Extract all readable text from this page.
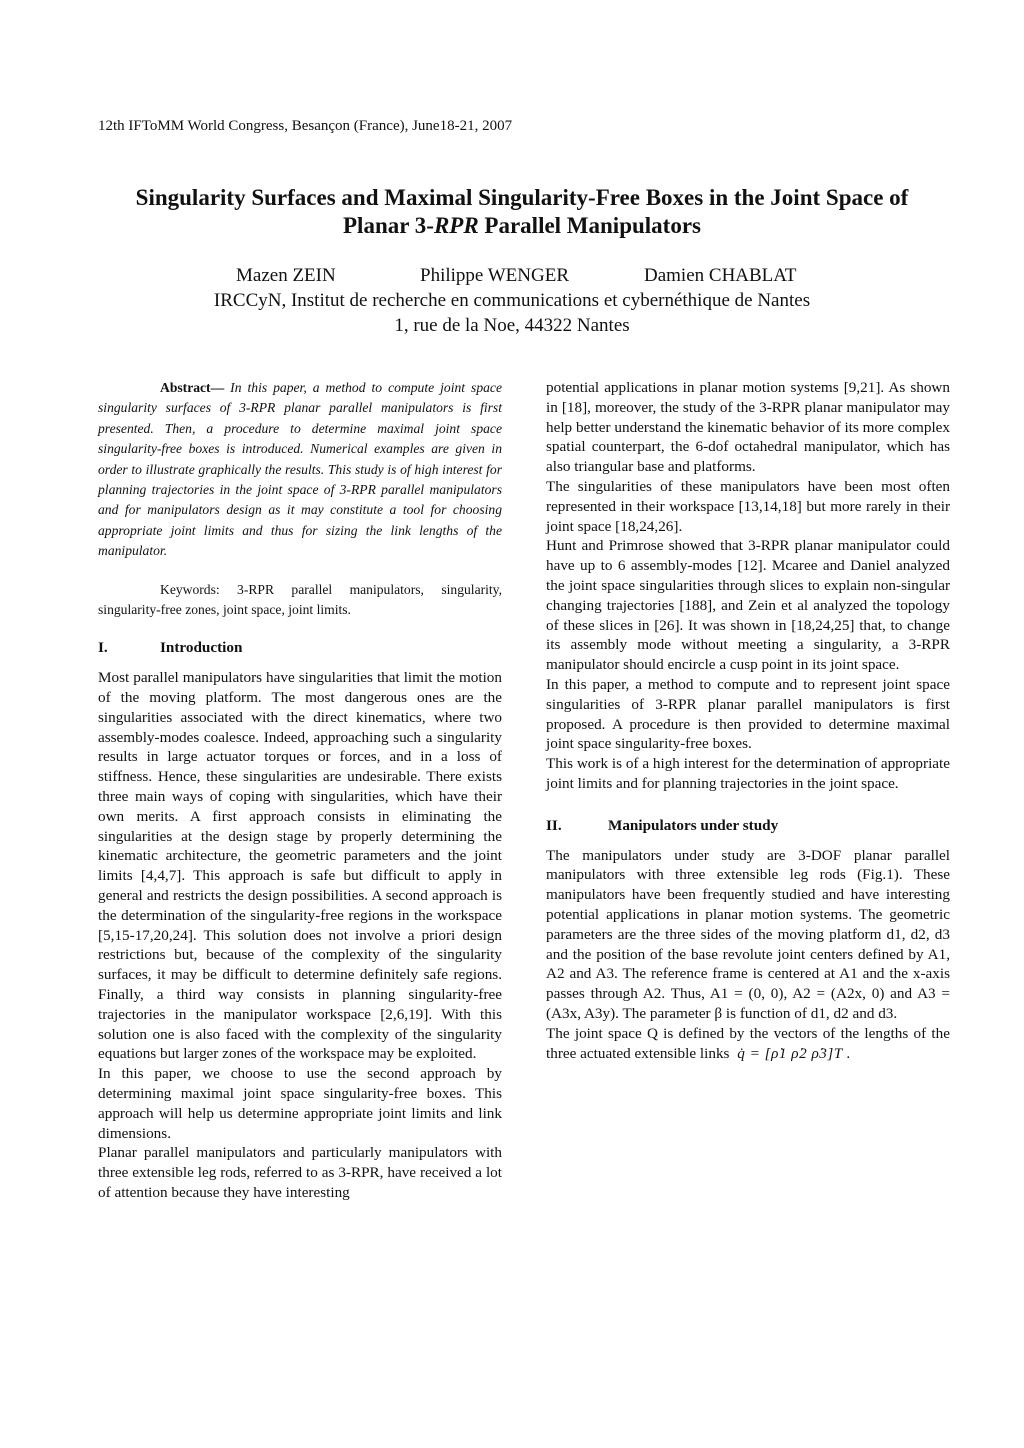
12th IFToMM World Congress, Besançon (France), June18-21, 2007
Singularity Surfaces and Maximal Singularity-Free Boxes in the Joint Space of
Planar 3-RPR Parallel Manipulators
Mazen ZEIN	Philippe WENGER	Damien CHABLAT
IRCCyN, Institut de recherche en communications et cybernéthique de Nantes
1, rue de la Noe, 44322 Nantes

Abstract— In this paper, a method to compute joint space singularity surfaces of 3-RPR planar parallel manipulators is first presented. Then, a procedure to determine maximal joint space singularity-free boxes is introduced. Numerical examples are given in order to illustrate graphically the results. This study is of high interest for planning trajectories in the joint space of 3-RPR parallel manipulators and for manipulators design as it may constitute a tool for choosing appropriate joint limits and thus for sizing the link lengths of the manipulator.

Keywords: 3-RPR parallel manipulators, singularity, singularity-free zones, joint space, joint limits.

I.	Introduction

Most parallel manipulators have singularities that limit the motion of the moving platform. The most dangerous ones are the singularities associated with the direct kinematics, where two assembly-modes coalesce. Indeed, approaching such a singularity results in large actuator torques or forces, and in a loss of stiffness. Hence, these singularities are undesirable. There exists three main ways of coping with singularities, which have their own merits. A first approach consists in eliminating the singularities at the design stage by properly determining the kinematic architecture, the geometric parameters and the joint limits [4,4,7]. This approach is safe but difficult to apply in general and restricts the design possibilities. A second approach is the determination of the singularity-free regions in the workspace [5,15-17,20,24]. This solution does not involve a priori design restrictions but, because of the complexity of the singularity surfaces, it may be difficult to determine definitely safe regions. Finally, a third way consists in planning singularity-free trajectories in the manipulator workspace [2,6,19]. With this solution one is also faced with the complexity of the singularity equations but larger zones of the workspace may be exploited.

In this paper, we choose to use the second approach by determining maximal joint space singularity-free boxes. This approach will help us determine appropriate joint limits and link dimensions.

Planar parallel manipulators and particularly manipulators with three extensible leg rods, referred to as 3-RPR, have received a lot of attention because they have interesting

potential applications in planar motion systems [9,21]. As shown in [18], moreover, the study of the 3-RPR planar manipulator may help better understand the kinematic behavior of its more complex spatial counterpart, the 6-dof octahedral manipulator, which has also triangular base and platforms.

The singularities of these manipulators have been most often represented in their workspace [13,14,18] but more rarely in their joint space [18,24,26].

Hunt and Primrose showed that 3-RPR planar manipulator could have up to 6 assembly-modes [12]. Mcaree and Daniel analyzed the joint space singularities through slices to explain non-singular changing trajectories [188], and Zein et al analyzed the topology of these slices in [26]. It was shown in [18,24,25] that, to change its assembly mode without meeting a singularity, a 3-RPR manipulator should encircle a cusp point in its joint space.

In this paper, a method to compute and to represent joint space singularities of 3-RPR planar parallel manipulators is first proposed. A procedure is then provided to determine maximal joint space singularity-free boxes.

This work is of a high interest for the determination of appropriate joint limits and for planning trajectories in the joint space.

II.	Manipulators under study

The manipulators under study are 3-DOF planar parallel manipulators with three extensible leg rods (Fig.1). These manipulators have been frequently studied and have interesting potential applications in planar motion systems. The geometric parameters are the three sides of the moving platform d1, d2, d3 and the position of the base revolute joint centers defined by A1, A2 and A3. The reference frame is centered at A1 and the x-axis passes through A2. Thus, A1 = (0, 0), A2 = (A2x, 0) and A3 = (A3x, A3y). The parameter β is function of d1, d2 and d3.

The joint space Q is defined by the vectors of the lengths of the three actuated extensible links q̇ = [ρ̇1 ρ̇2 ρ̇3]T .
